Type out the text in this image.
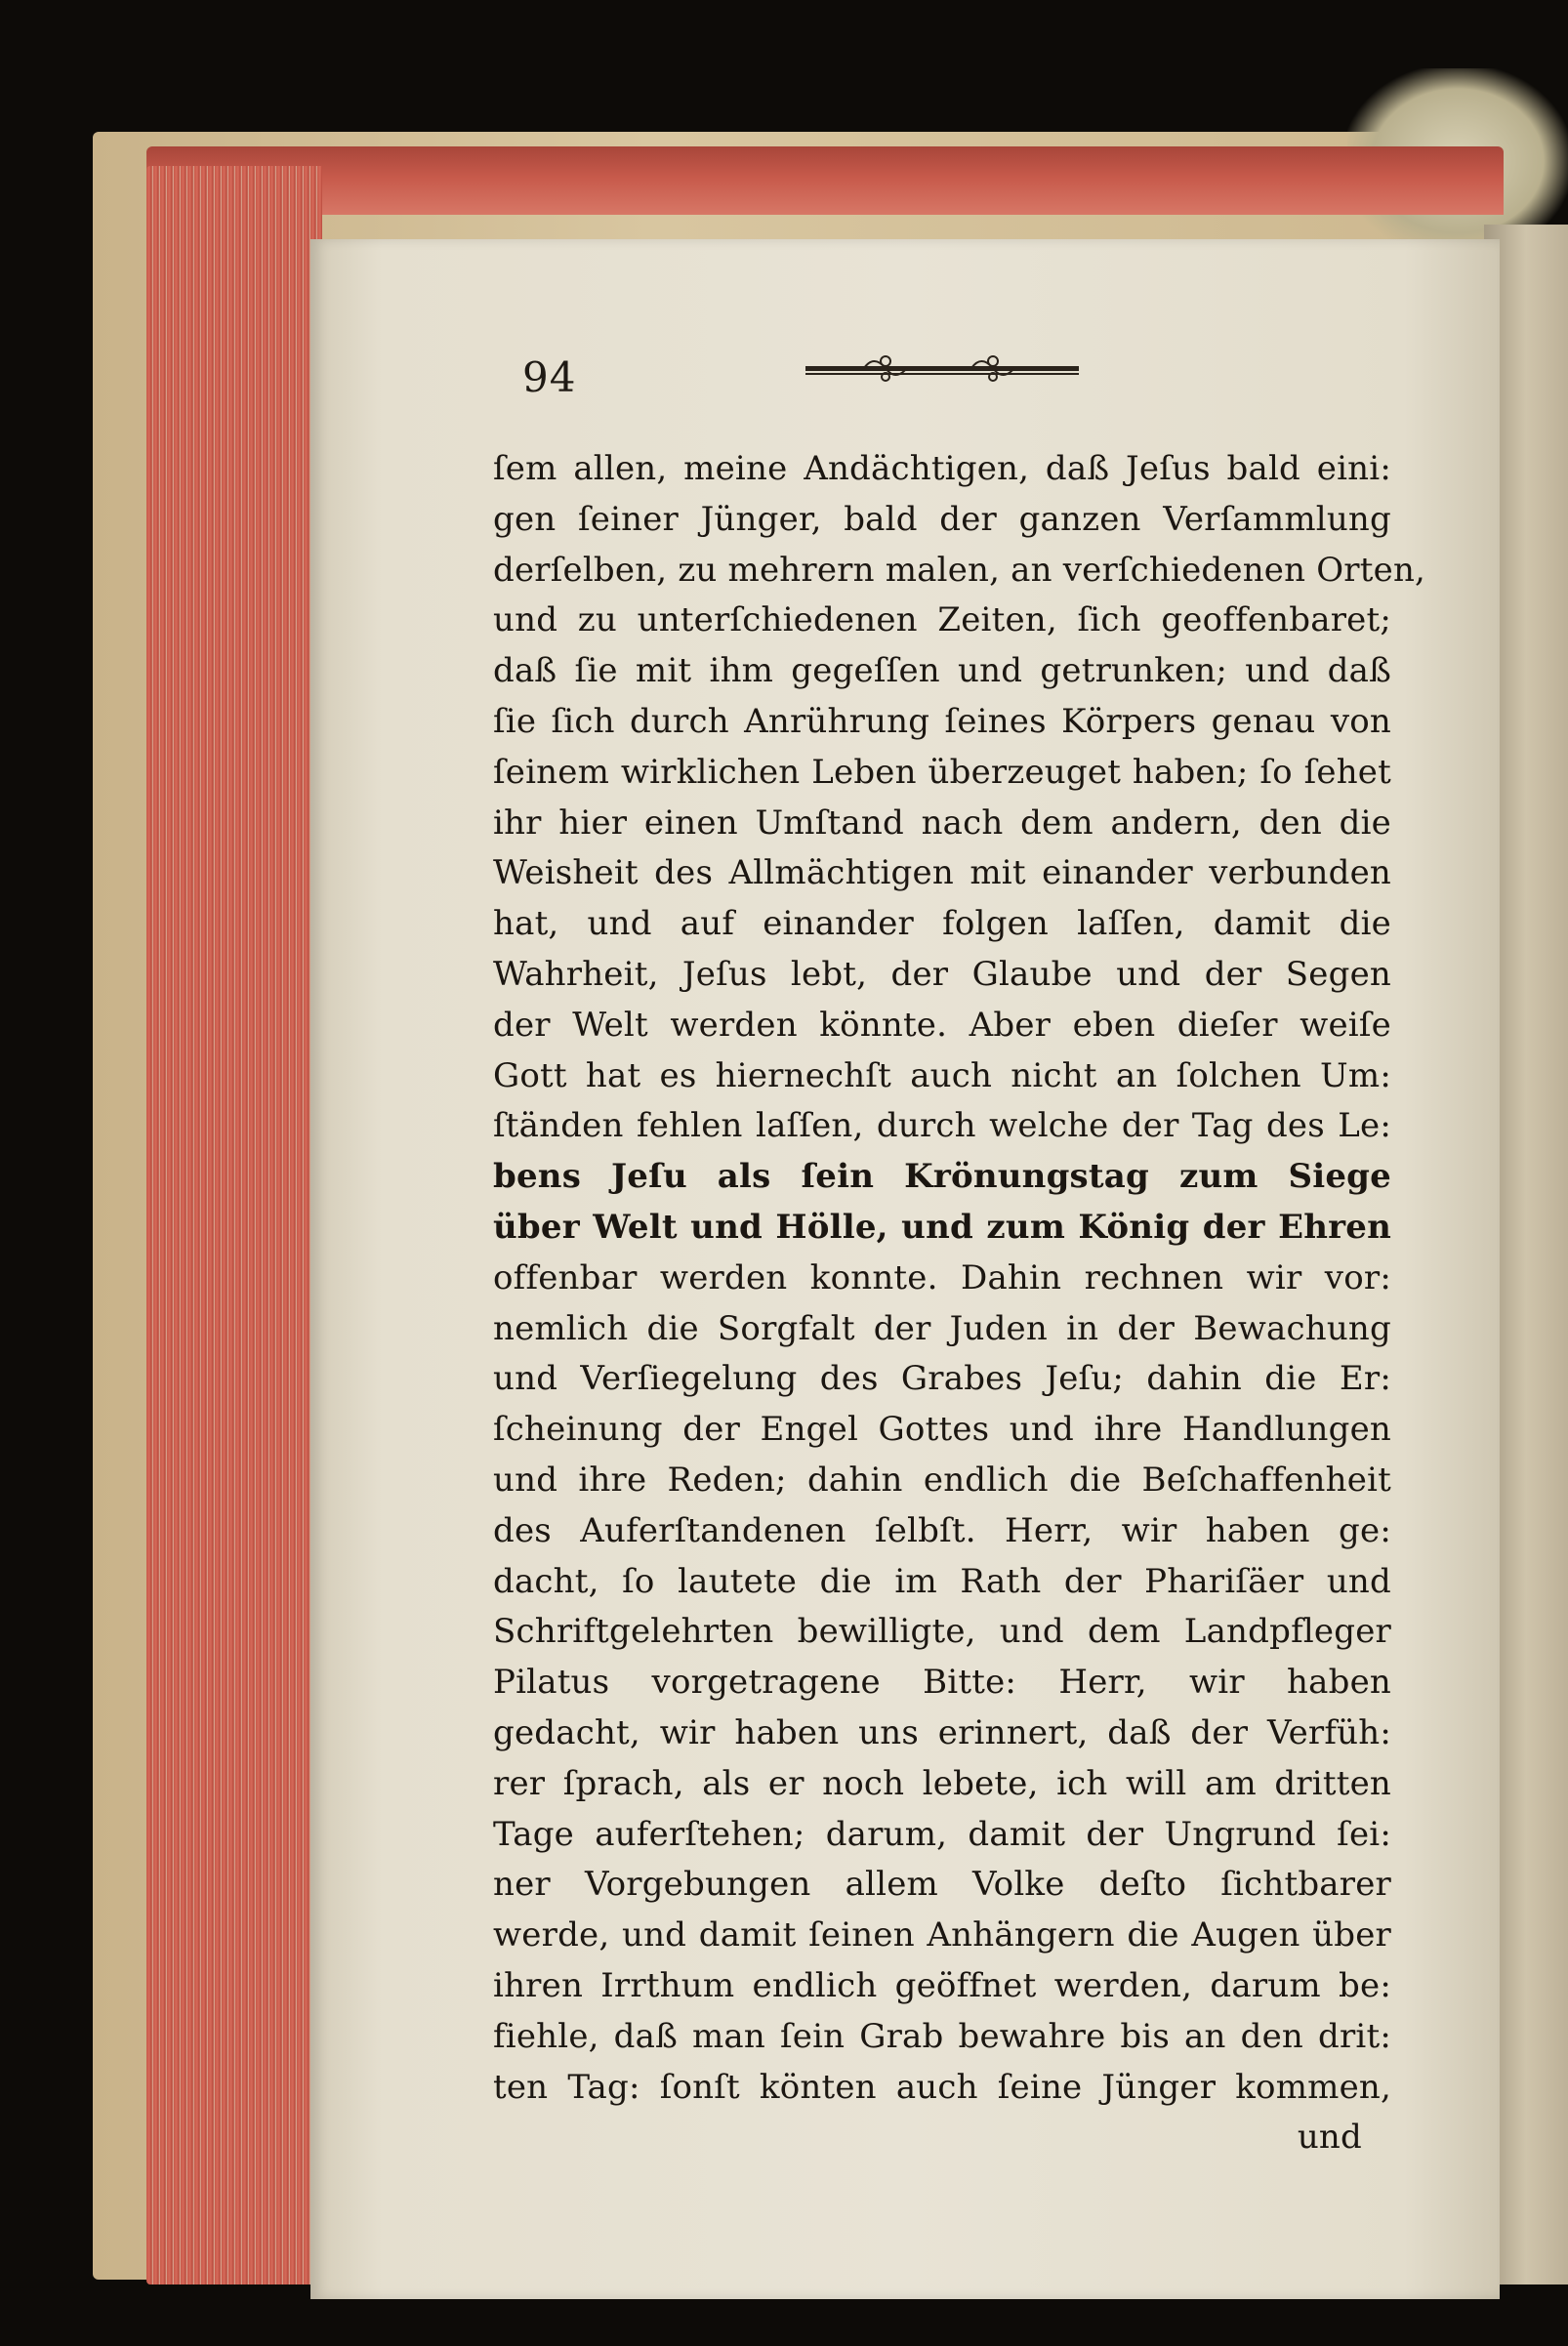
94
ſem allen, meine Andächtigen, daß Jeſus bald eini:
gen ſeiner Jünger, bald der ganzen Verſammlung
derſelben, zu mehrern malen, an verſchiedenen Orten,
und zu unterſchiedenen Zeiten, ſich geoffenbaret;
daß ſie mit ihm gegeſſen und getrunken; und daß
ſie ſich durch Anrührung ſeines Körpers genau von
ſeinem wirklichen Leben überzeuget haben; ſo ſehet
ihr hier einen Umſtand nach dem andern, den die
Weisheit des Allmächtigen mit einander verbunden
hat, und auf einander folgen laſſen, damit die
Wahrheit, Jeſus lebt, der Glaube und der Segen
der Welt werden könnte. Aber eben dieſer weiſe
Gott hat es hiernechſt auch nicht an ſolchen Um:
ſtänden fehlen laſſen, durch welche der Tag des Le:
bens Jeſu als ſein Krönungstag zum Siege
über Welt und Hölle, und zum König der Ehren
offenbar werden konnte. Dahin rechnen wir vor:
nemlich die Sorgfalt der Juden in der Bewachung
und Verſiegelung des Grabes Jeſu; dahin die Er:
ſcheinung der Engel Gottes und ihre Handlungen
und ihre Reden; dahin endlich die Beſchaffenheit
des Auferſtandenen ſelbſt. Herr, wir haben ge:
dacht, ſo lautete die im Rath der Phariſäer und
Schriftgelehrten bewilligte, und dem Landpfleger
Pilatus vorgetragene Bitte: Herr, wir haben
gedacht, wir haben uns erinnert, daß der Verfüh:
rer ſprach, als er noch lebete, ich will am dritten
Tage auferſtehen; darum, damit der Ungrund ſei:
ner Vorgebungen allem Volke deſto ſichtbarer
werde, und damit ſeinen Anhängern die Augen über
ihren Irrthum endlich geöffnet werden, darum be:
fiehle, daß man ſein Grab bewahre bis an den drit:
ten Tag: ſonſt könten auch ſeine Jünger kommen,
und
